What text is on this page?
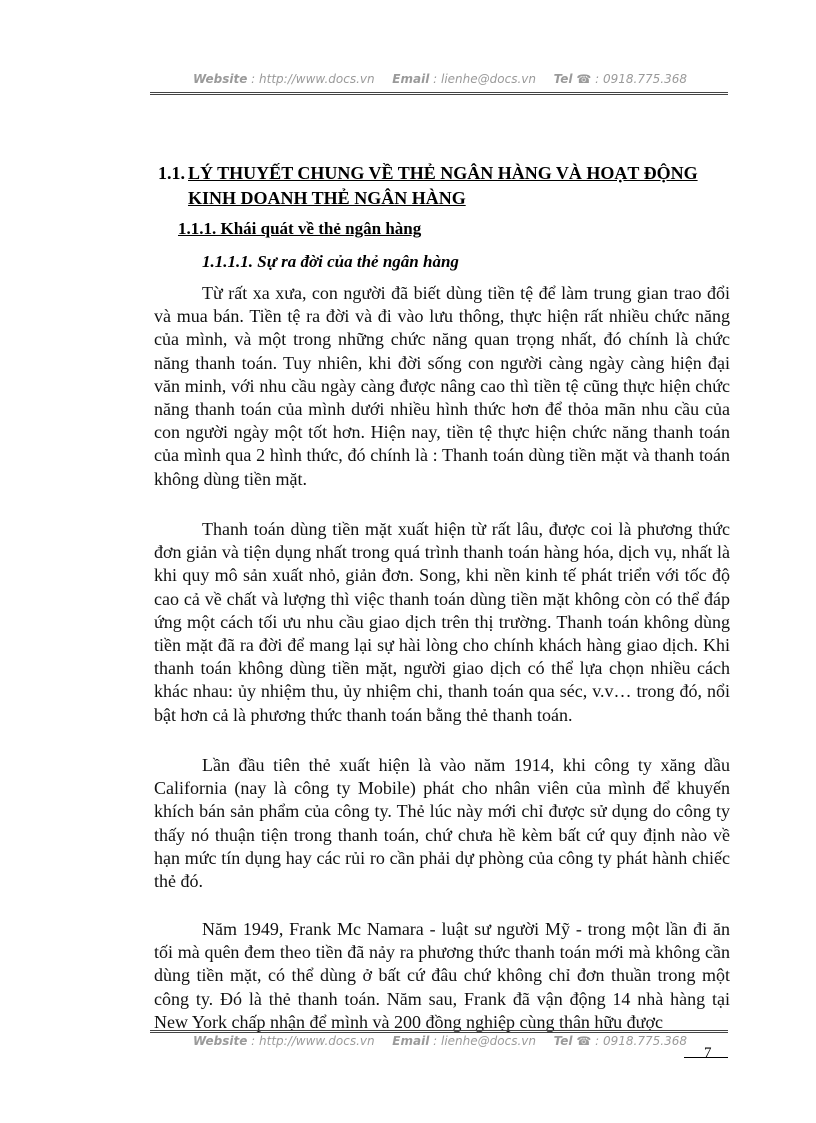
Website : http://www.docs.vn Email : lienhe@docs.vn Tel ☎ : 0918.775.368
1.1. LÝ THUYẾT CHUNG VỀ THẺ NGÂN HÀNG VÀ HOẠT ĐỘNG KINH DOANH THẺ NGÂN HÀNG
1.1.1. Khái quát về thẻ ngân hàng
1.1.1.1. Sự ra đời của thẻ ngân hàng

Từ rất xa xưa, con người đã biết dùng tiền tệ để làm trung gian trao đổi và mua bán. Tiền tệ ra đời và đi vào lưu thông, thực hiện rất nhiều chức năng của mình, và một trong những chức năng quan trọng nhất, đó chính là chức năng thanh toán. Tuy nhiên, khi đời sống con người càng ngày càng hiện đại văn minh, với nhu cầu ngày càng được nâng cao thì tiền tệ cũng thực hiện chức năng thanh toán của mình dưới nhiều hình thức hơn để thỏa mãn nhu cầu của con người ngày một tốt hơn. Hiện nay, tiền tệ thực hiện chức năng thanh toán của mình qua 2 hình thức, đó chính là : Thanh toán dùng tiền mặt và thanh toán không dùng tiền mặt.

Thanh toán dùng tiền mặt xuất hiện từ rất lâu, được coi là phương thức đơn giản và tiện dụng nhất trong quá trình thanh toán hàng hóa, dịch vụ, nhất là khi quy mô sản xuất nhỏ, giản đơn. Song, khi nền kinh tế phát triển với tốc độ cao cả về chất và lượng thì việc thanh toán dùng tiền mặt không còn có thể đáp ứng một cách tối ưu nhu cầu giao dịch trên thị trường. Thanh toán không dùng tiền mặt đã ra đời để mang lại sự hài lòng cho chính khách hàng giao dịch. Khi thanh toán không dùng tiền mặt, người giao dịch có thể lựa chọn nhiều cách khác nhau: ủy nhiệm thu, ủy nhiệm chi, thanh toán qua séc, v.v… trong đó, nổi bật hơn cả là phương thức thanh toán bằng thẻ thanh toán.

Lần đầu tiên thẻ xuất hiện là vào năm 1914, khi công ty xăng dầu California (nay là công ty Mobile) phát cho nhân viên của mình để khuyến khích bán sản phẩm của công ty. Thẻ lúc này mới chỉ được sử dụng do công ty thấy nó thuận tiện trong thanh toán, chứ chưa hề kèm bất cứ quy định nào về hạn mức tín dụng hay các rủi ro cần phải dự phòng của công ty phát hành chiếc thẻ đó.

Năm 1949, Frank Mc Namara - luật sư người Mỹ - trong một lần đi ăn tối mà quên đem theo tiền đã nảy ra phương thức thanh toán mới mà không cần dùng tiền mặt, có thể dùng ở bất cứ đâu chứ không chỉ đơn thuần trong một công ty. Đó là thẻ thanh toán. Năm sau, Frank đã vận động 14 nhà hàng tại New York chấp nhận để mình và 200 đồng nghiệp cùng thân hữu được

Website : http://www.docs.vn Email : lienhe@docs.vn Tel ☎ : 0918.775.368
7
